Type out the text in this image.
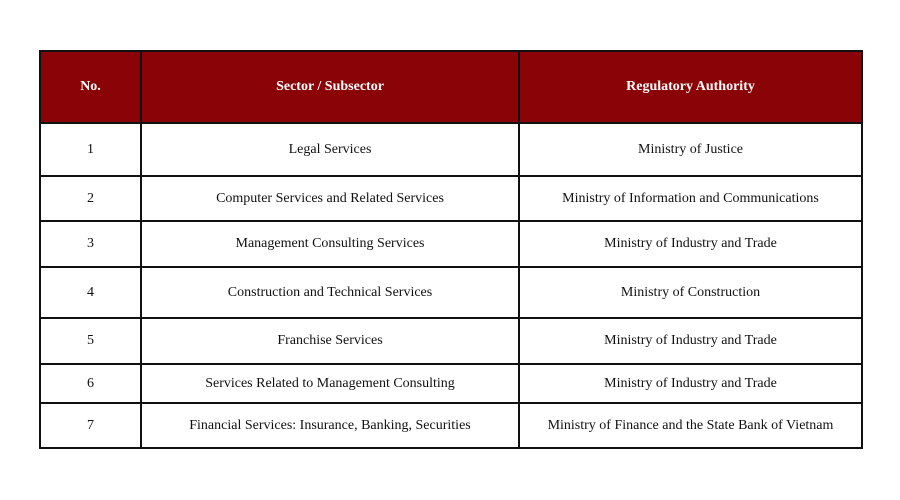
No.	Sector / Subsector	Regulatory Authority
1	Legal Services	Ministry of Justice
2	Computer Services and Related Services	Ministry of Information and Communications
3	Management Consulting Services	Ministry of Industry and Trade
4	Construction and Technical Services	Ministry of Construction
5	Franchise Services	Ministry of Industry and Trade
6	Services Related to Management Consulting	Ministry of Industry and Trade
7	Financial Services: Insurance, Banking, Securities	Ministry of Finance and the State Bank of Vietnam
